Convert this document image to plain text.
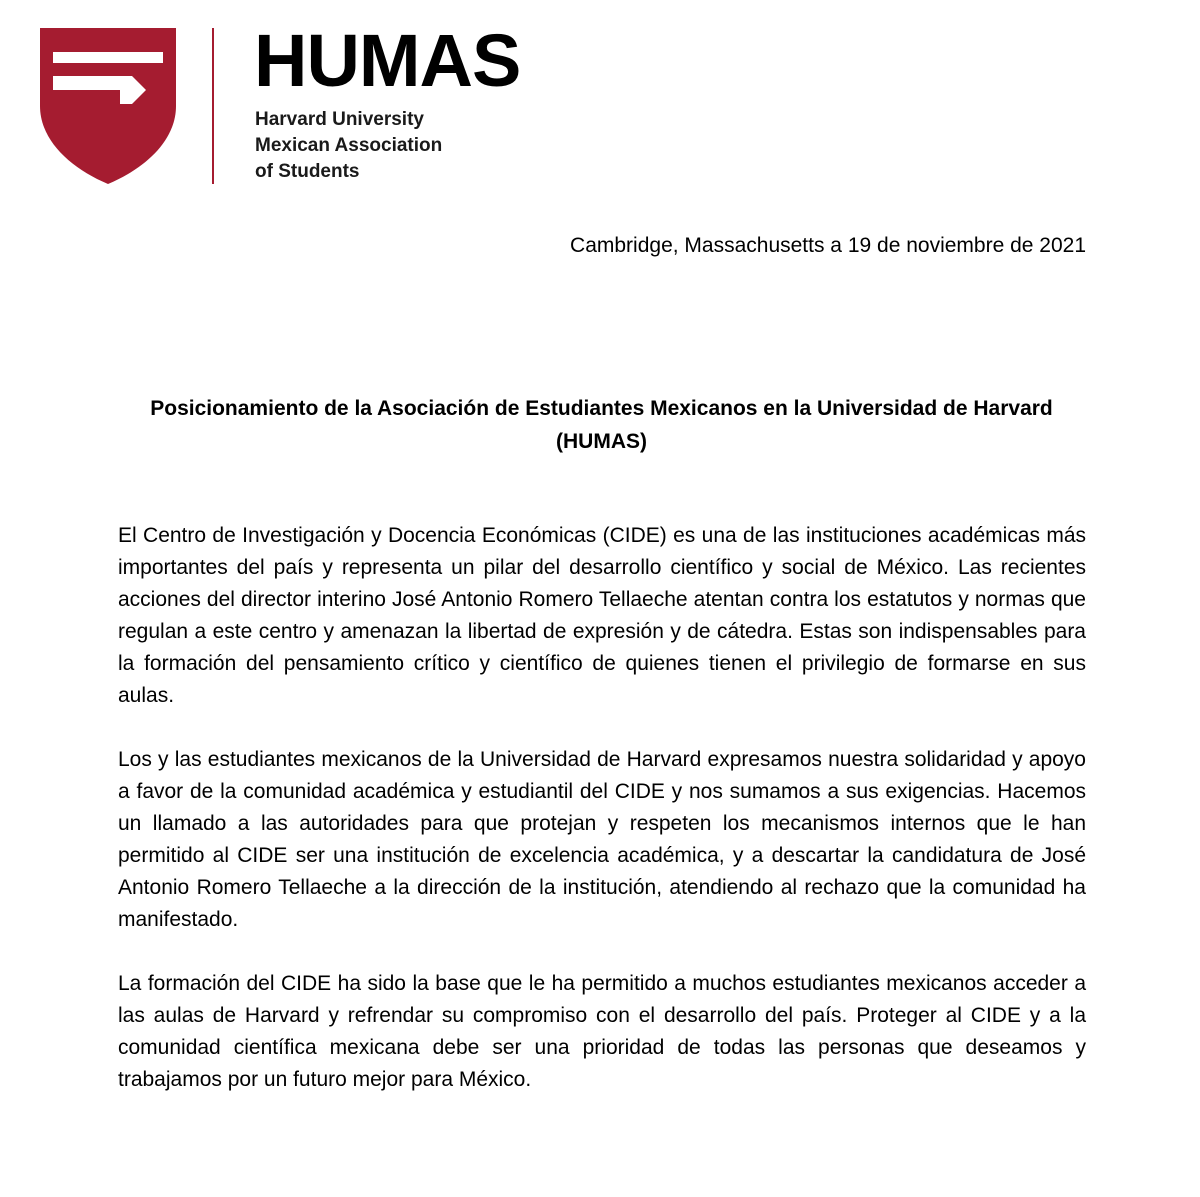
HUMAS
Harvard University
Mexican Association
of Students

Cambridge, Massachusetts a 19 de noviembre de 2021

Posicionamiento de la Asociación de Estudiantes Mexicanos en la Universidad de Harvard (HUMAS)

El Centro de Investigación y Docencia Económicas (CIDE) es una de las instituciones académicas más importantes del país y representa un pilar del desarrollo científico y social de México. Las recientes acciones del director interino José Antonio Romero Tellaeche atentan contra los estatutos y normas que regulan a este centro y amenazan la libertad de expresión y de cátedra. Estas son indispensables para la formación del pensamiento crítico y científico de quienes tienen el privilegio de formarse en sus aulas.

Los y las estudiantes mexicanos de la Universidad de Harvard expresamos nuestra solidaridad y apoyo a favor de la comunidad académica y estudiantil del CIDE y nos sumamos a sus exigencias. Hacemos un llamado a las autoridades para que protejan y respeten los mecanismos internos que le han permitido al CIDE ser una institución de excelencia académica, y a descartar la candidatura de José Antonio Romero Tellaeche a la dirección de la institución, atendiendo al rechazo que la comunidad ha manifestado.

La formación del CIDE ha sido la base que le ha permitido a muchos estudiantes mexicanos acceder a las aulas de Harvard y refrendar su compromiso con el desarrollo del país. Proteger al CIDE y a la comunidad científica mexicana debe ser una prioridad de todas las personas que deseamos y trabajamos por un futuro mejor para México.
